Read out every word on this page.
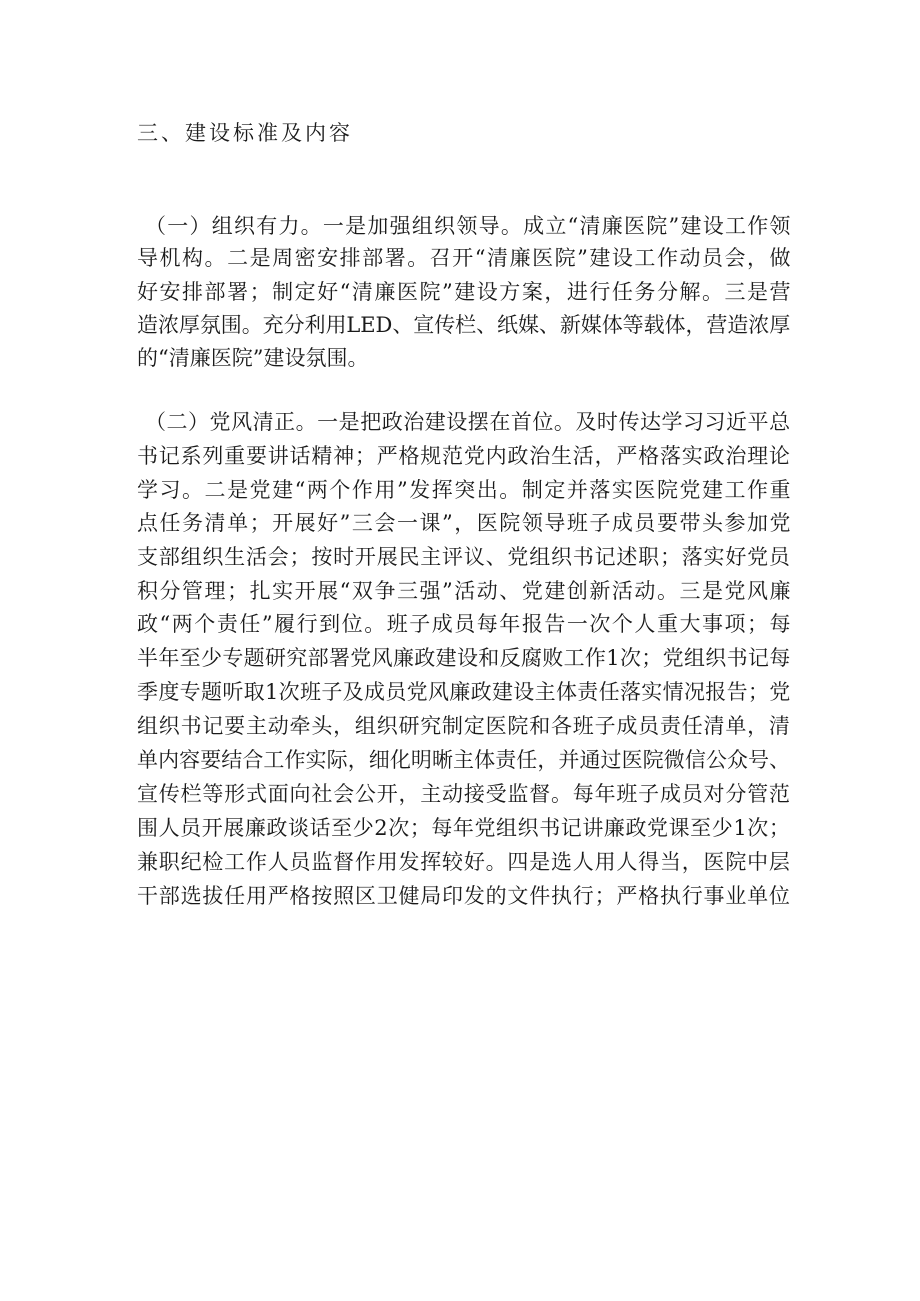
三、建设标准及内容
（一）组织有力。一是加强组织领导。成立“清廉医院”建设工作领
导机构。二是周密安排部署。召开“清廉医院”建设工作动员会，做
好安排部署；制定好“清廉医院”建设方案，进行任务分解。三是营
造浓厚氛围。充分利用LED、宣传栏、纸媒、新媒体等载体，营造浓厚
的“清廉医院”建设氛围。
（二）党风清正。一是把政治建设摆在首位。及时传达学习习近平总
书记系列重要讲话精神；严格规范党内政治生活，严格落实政治理论
学习。二是党建“两个作用”发挥突出。制定并落实医院党建工作重
点任务清单；开展好”三会一课”，医院领导班子成员要带头参加党
支部组织生活会；按时开展民主评议、党组织书记述职；落实好党员
积分管理；扎实开展“双争三强”活动、党建创新活动。三是党风廉
政“两个责任”履行到位。班子成员每年报告一次个人重大事项；每
半年至少专题研究部署党风廉政建设和反腐败工作1次；党组织书记每
季度专题听取1次班子及成员党风廉政建设主体责任落实情况报告；党
组织书记要主动牵头，组织研究制定医院和各班子成员责任清单，清
单内容要结合工作实际，细化明晰主体责任，并通过医院微信公众号、
宣传栏等形式面向社会公开，主动接受监督。每年班子成员对分管范
围人员开展廉政谈话至少2次；每年党组织书记讲廉政党课至少1次；
兼职纪检工作人员监督作用发挥较好。四是选人用人得当，医院中层
干部选拔任用严格按照区卫健局印发的文件执行；严格执行事业单位
